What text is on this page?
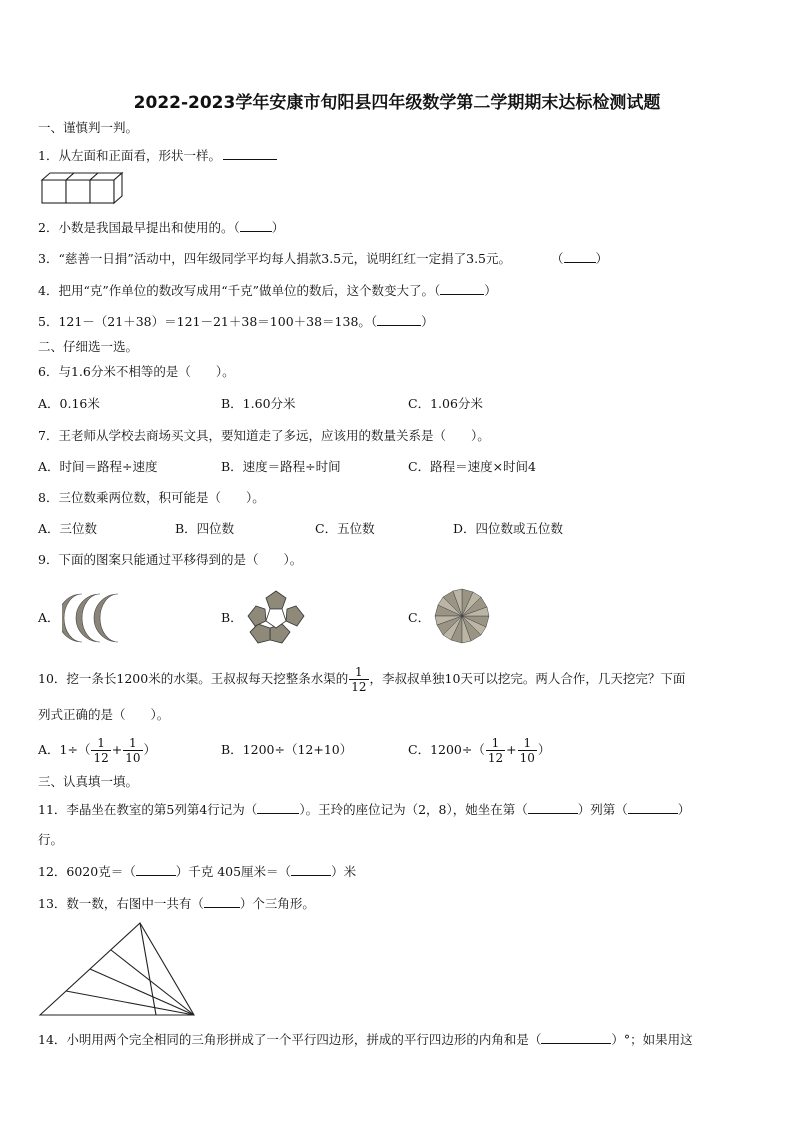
2022-2023学年安康市旬阳县四年级数学第二学期期末达标检测试题
一、谨慎判一判。
1．从左面和正面看，形状一样。
2．小数是我国最早提出和使用的。（	）
3．“慈善一日捐”活动中，四年级同学平均每人捐款3.5元，说明红红一定捐了3.5元。	（	）
4．把用“克”作单位的数改写成用“千克”做单位的数后，这个数变大了。（	）
5．121－（21＋38）＝121－21＋38＝100＋38＝138。（	）
二、仔细选一选。
6．与1.6分米不相等的是（　　）。
A．0.16米	B．1.60分米	C．1.06分米
7．王老师从学校去商场买文具，要知道走了多远，应该用的数量关系是（　　）。
A．时间＝路程÷速度	B．速度＝路程÷时间	C．路程＝速度×时间4
8．三位数乘两位数，积可能是（　　）。
A．三位数	B．四位数	C．五位数	D．四位数或五位数
9．下面的图案只能通过平移得到的是（　　）。
A．	B．	C．
10．挖一条长1200米的水渠。王叔叔每天挖整条水渠的 $\frac{1}{12}$ ，李叔叔单独10天可以挖完。两人合作，几天挖完？下面
列式正确的是（　　）。
A．$1\div( \frac{1}{12} + \frac{1}{10}$ ）	B．1200÷（12+10）	C．$1200\div( \frac{1}{12} + \frac{1}{10}$ ）
三、认真填一填。
11．李晶坐在教室的第5列第4行记为（	）。王玲的座位记为（2，8），她坐在第（	）列第（	）
行。
12．6020克＝（	）千克 405厘米＝（	）米
13．数一数，右图中一共有（	）个三角形。
14．小明用两个完全相同的三角形拼成了一个平行四边形，拼成的平行四边形的内角和是（	）°；如果用这
